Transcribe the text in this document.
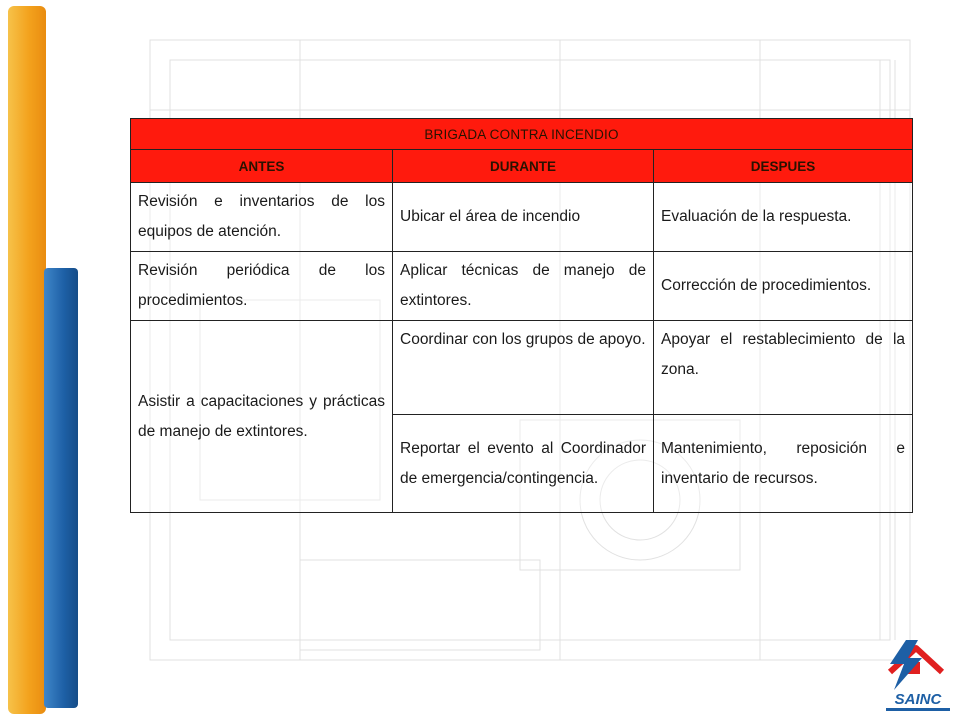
BRIGADA CONTRA INCENDIO		
ANTES	DURANTE	DESPUES

Revisión e inventarios de los equipos de atención.	Ubicar el área de incendio	Evaluación de la respuesta.

Revisión periódica de los procedimientos.	Aplicar técnicas de manejo de extintores.	Corrección de procedimientos.

Asistir a capacitaciones y prácticas de manejo de extintores.	Coordinar con los grupos de apoyo.	Apoyar el restablecimiento de la zona.

	Reportar el evento al Coordinador de emergencia/contingencia.	Mantenimiento, reposición e inventario de recursos.
SAINC
